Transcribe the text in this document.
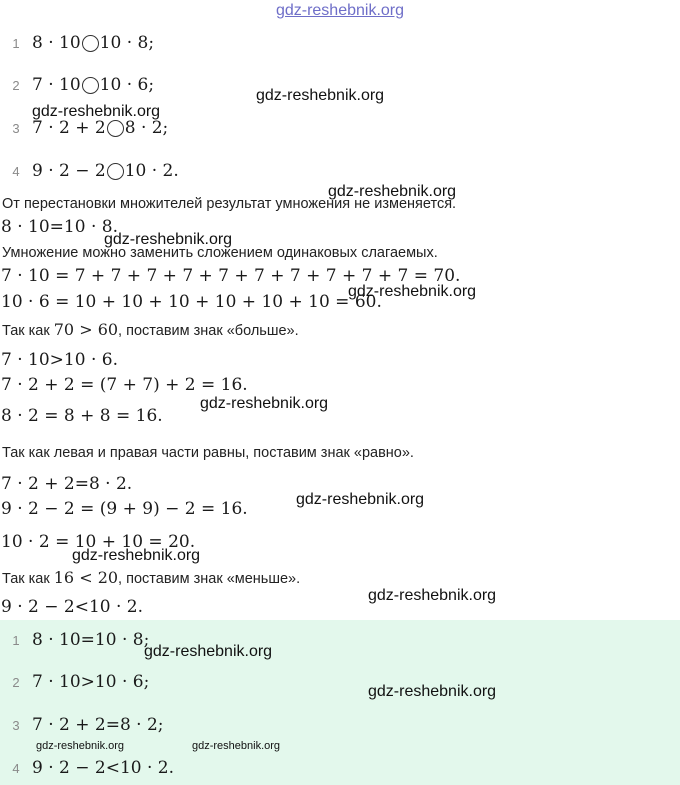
gdz-reshebnik.org
1 8 · 10 10 · 8;
2 7 · 10 10 · 6;
3 7 · 2 + 2 8 · 2;
4 9 · 2 − 2 10 · 2.
От перестановки множителей результат умножения не изменяется.
8 · 10=10 · 8.
Умножение можно заменить сложением одинаковых слагаемых.
7 · 10 = 7 + 7 + 7 + 7 + 7 + 7 + 7 + 7 + 7 + 7 = 70.
10 · 6 = 10 + 10 + 10 + 10 + 10 + 10 = 60.
Так как 70 > 60, поставим знак «больше».
7 · 10>10 · 6.
7 · 2 + 2 = (7 + 7) + 2 = 16.
8 · 2 = 8 + 8 = 16.
Так как левая и правая части равны, поставим знак «равно».
7 · 2 + 2=8 · 2.
9 · 2 − 2 = (9 + 9) − 2 = 16.
10 · 2 = 10 + 10 = 20.
Так как 16 < 20, поставим знак «меньше».
9 · 2 − 2<10 · 2.
1 8 · 10=10 · 8;
2 7 · 10>10 · 6;
3 7 · 2 + 2=8 · 2;
4 9 · 2 − 2<10 · 2.
gdz-reshebnik.org
gdz-reshebnik.org
gdz-reshebnik.org
gdz-reshebnik.org
gdz-reshebnik.org
gdz-reshebnik.org
gdz-reshebnik.org
gdz-reshebnik.org
gdz-reshebnik.org
gdz-reshebnik.org
gdz-reshebnik.org
gdz-reshebnik.org	gdz-reshebnik.org
